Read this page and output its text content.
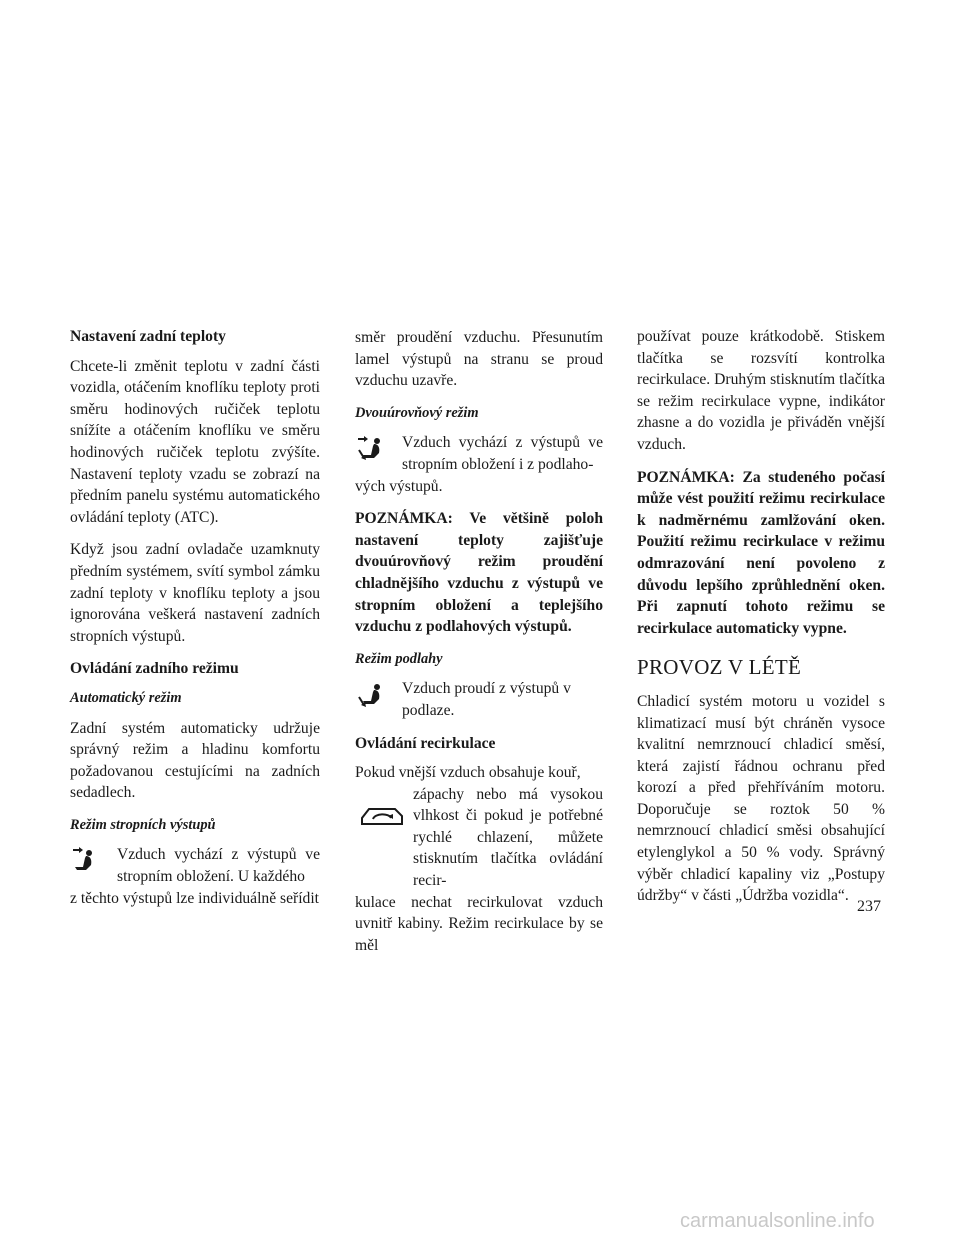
Nastavení zadní teploty

Chcete-li změnit teplotu v zadní části vozidla, otáčením knoflíku teploty proti směru hodinových ručiček teplotu snížíte a otáčením knoflíku ve směru hodinových ručiček teplotu zvýšíte. Nastavení teploty vzadu se zobrazí na předním panelu systému automatického ovládání teploty (ATC).

Když jsou zadní ovladače uzamknuty předním systémem, svítí symbol zámku zadní teploty v knoflíku teploty a jsou ignorována veškerá nastavení zadních stropních výstupů.

Ovládání zadního režimu

Automatický režim

Zadní systém automaticky udržuje správný režim a hladinu komfortu požadovanou cestujícími na zadních sedadlech.

Režim stropních výstupů

Vzduch vychází z výstupů ve stropním obložení. U každého
z těchto výstupů lze individuálně seřídit

směr proudění vzduchu. Přesunutím lamel výstupů na stranu se proud vzduchu uzavře.

Dvouúrovňový režim

Vzduch vychází z výstupů ve stropním obložení i z podlaho-
vých výstupů.

POZNÁMKA: Ve většině poloh nastavení teploty zajišťuje dvouúrovňový režim proudění chladnějšího vzduchu z výstupů ve stropním obložení a teplejšího vzduchu z podlahových výstupů.

Režim podlahy

Vzduch proudí z výstupů v podlaze.

Ovládání recirkulace

Pokud vnější vzduch obsahuje kouř,

zápachy nebo má vysokou vlhkost či pokud je potřebné rychlé chlazení, můžete stisknutím tlačítka ovládání recir-
kulace nechat recirkulovat vzduch uvnitř kabiny. Režim recirkulace by se měl

používat pouze krátkodobě. Stiskem tlačítka se rozsvítí kontrolka recirkulace. Druhým stisknutím tlačítka se režim recirkulace vypne, indikátor zhasne a do vozidla je přiváděn vnější vzduch.

POZNÁMKA: Za studeného počasí může vést použití režimu recirkulace k nadměrnému zamlžování oken. Použití režimu recirkulace v režimu odmrazování není povoleno z důvodu lepšího zprůhlednění oken. Při zapnutí tohoto režimu se recirkulace automaticky vypne.

PROVOZ V LÉTĚ

Chladicí systém motoru u vozidel s klimatizací musí být chráněn vysoce kvalitní nemrznoucí chladicí směsí, která zajistí řádnou ochranu před korozí a před přehříváním motoru. Doporučuje se roztok 50 % nemrznoucí chladicí směsi obsahující etylenglykol a 50 % vody. Správný výběr chladicí kapaliny viz „Postupy údržby“ v části „Údržba vozidla“.

237
carmanualsonline.info
